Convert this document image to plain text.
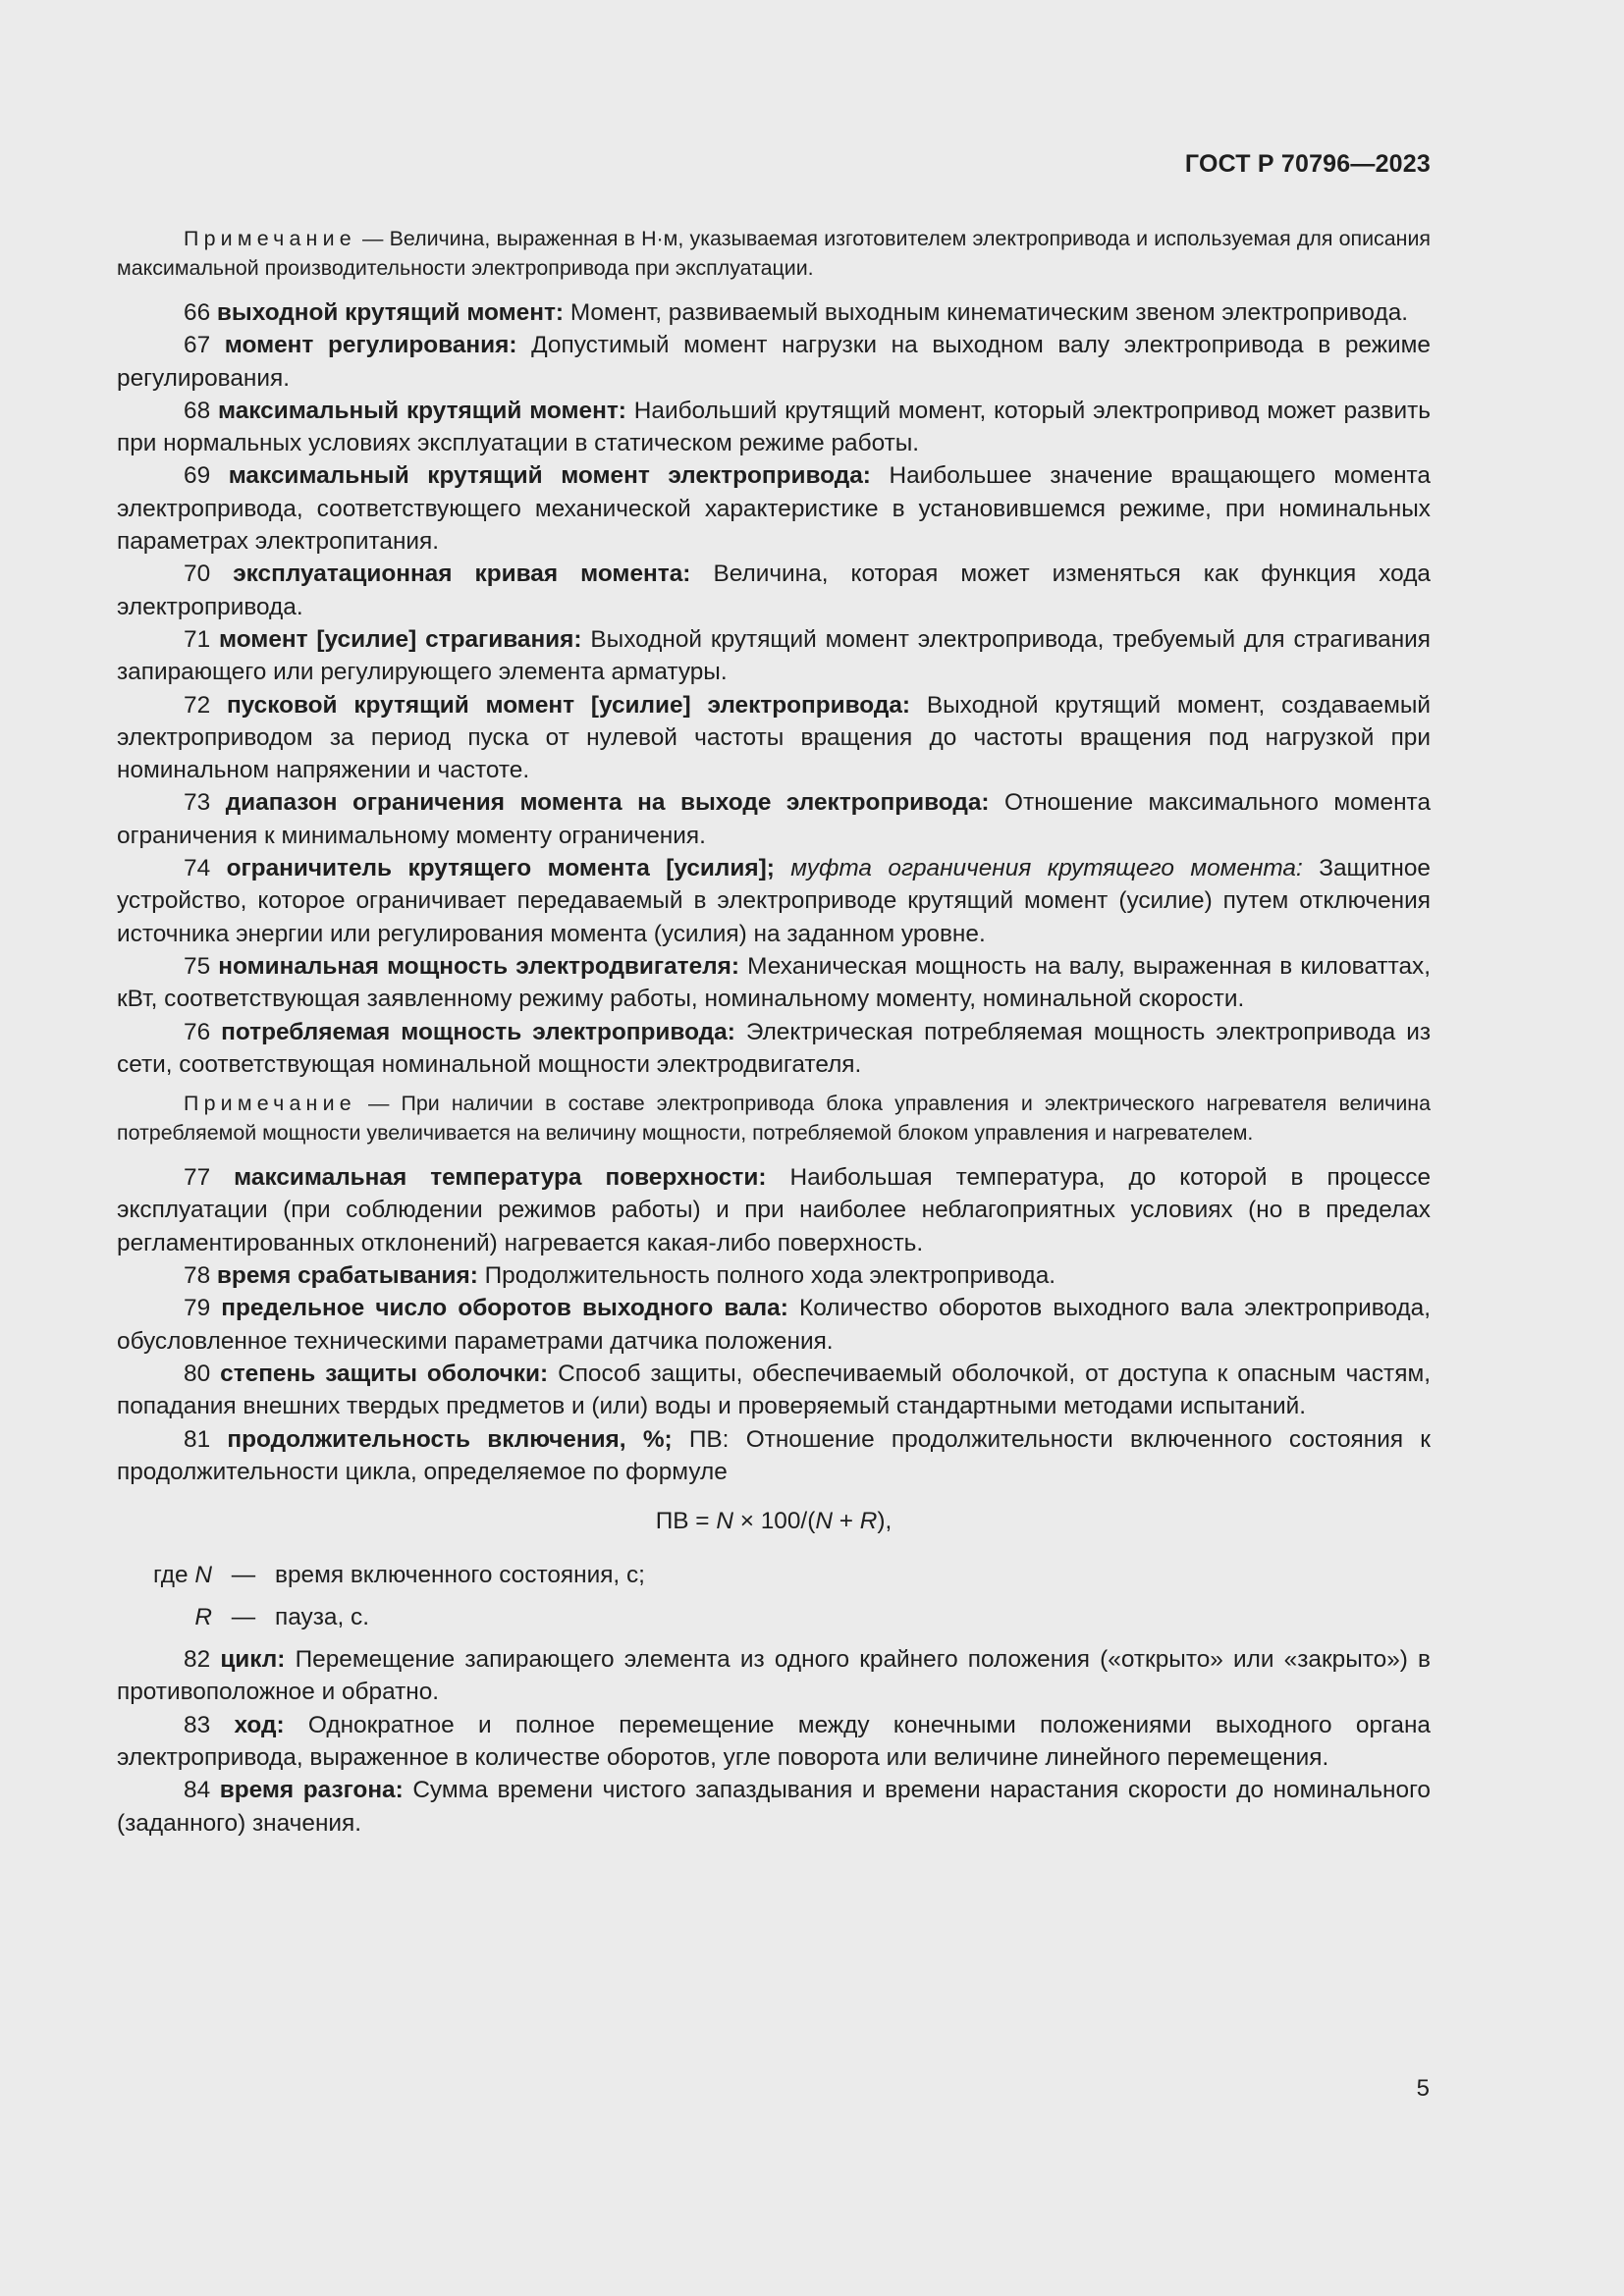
ГОСТ Р 70796—2023

Примечание — Величина, выраженная в Н·м, указываемая изготовителем электропривода и используемая для описания максимальной производительности электропривода при эксплуатации.

66 выходной крутящий момент: Момент, развиваемый выходным кинематическим звеном электропривода.

67 момент регулирования: Допустимый момент нагрузки на выходном валу электропривода в режиме регулирования.

68 максимальный крутящий момент: Наибольший крутящий момент, который электропривод может развить при нормальных условиях эксплуатации в статическом режиме работы.

69 максимальный крутящий момент электропривода: Наибольшее значение вращающего момента электропривода, соответствующего механической характеристике в установившемся режиме, при номинальных параметрах электропитания.

70 эксплуатационная кривая момента: Величина, которая может изменяться как функция хода электропривода.

71 момент [усилие] страгивания: Выходной крутящий момент электропривода, требуемый для страгивания запирающего или регулирующего элемента арматуры.

72 пусковой крутящий момент [усилие] электропривода: Выходной крутящий момент, создаваемый электроприводом за период пуска от нулевой частоты вращения до частоты вращения под нагрузкой при номинальном напряжении и частоте.

73 диапазон ограничения момента на выходе электропривода: Отношение максимального момента ограничения к минимальному моменту ограничения.

74 ограничитель крутящего момента [усилия]; муфта ограничения крутящего момента: Защитное устройство, которое ограничивает передаваемый в электроприводе крутящий момент (усилие) путем отключения источника энергии или регулирования момента (усилия) на заданном уровне.

75 номинальная мощность электродвигателя: Механическая мощность на валу, выраженная в киловаттах, кВт, соответствующая заявленному режиму работы, номинальному моменту, номинальной скорости.

76 потребляемая мощность электропривода: Электрическая потребляемая мощность электропривода из сети, соответствующая номинальной мощности электродвигателя.

Примечание — При наличии в составе электропривода блока управления и электрического нагревателя величина потребляемой мощности увеличивается на величину мощности, потребляемой блоком управления и нагревателем.

77 максимальная температура поверхности: Наибольшая температура, до которой в процессе эксплуатации (при соблюдении режимов работы) и при наиболее неблагоприятных условиях (но в пределах регламентированных отклонений) нагревается какая-либо поверхность.

78 время срабатывания: Продолжительность полного хода электропривода.

79 предельное число оборотов выходного вала: Количество оборотов выходного вала электропривода, обусловленное техническими параметрами датчика положения.

80 степень защиты оболочки: Способ защиты, обеспечиваемый оболочкой, от доступа к опасным частям, попадания внешних твердых предметов и (или) воды и проверяемый стандартными методами испытаний.

81 продолжительность включения, %; ПВ: Отношение продолжительности включенного состояния к продолжительности цикла, определяемое по формуле

ПВ = N × 100/(N + R),
где N — время включенного состояния, с;
R — пауза, с.

82 цикл: Перемещение запирающего элемента из одного крайнего положения («открыто» или «закрыто») в противоположное и обратно.

83 ход: Однократное и полное перемещение между конечными положениями выходного органа электропривода, выраженное в количестве оборотов, угле поворота или величине линейного перемещения.

84 время разгона: Сумма времени чистого запаздывания и времени нарастания скорости до номинального (заданного) значения.

5
